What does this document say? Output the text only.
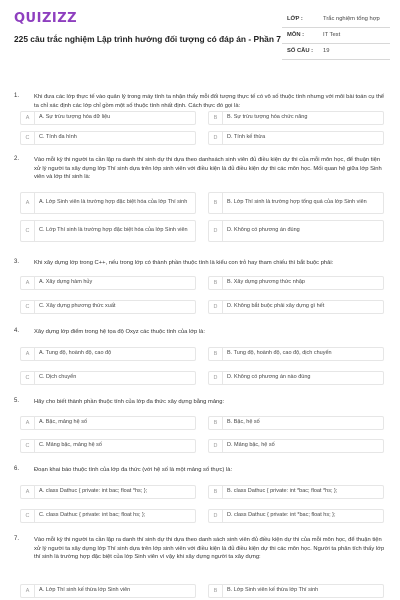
QUIZIZZ
225 câu trắc nghiệm Lập trình hướng đối tượng có đáp án - Phần 7
LỚP :	Trắc nghiệm tổng hợp
MÔN :	IT Test
SỐ CÂU : 19
1.	Khi đưa các lớp thực tế vào quản lý trong máy tính ta nhận thấy mỗi đối tượng thực tế có vô số thuộc tính nhưng với môi bài toán cụ thể ta chỉ xác định các lớp chỉ gồm một số thuộc tính nhất định. Cách thực đó gọi là:
A	A. Sự trừu tượng hóa dữ liệu	B	B. Sự trừu tượng hóa chức năng
C	C. Tính đa hình	D	D. Tính kế thừa
2.	Vào mỗi kỳ thi người ta cần lập ra danh thí sinh dự thi dựa theo danhsách sinh viên đủ điều kiện dự thi của mỗi môn học, để thuận tiện xử lý người ta xây dựng lớp Thí sinh dựa trên lớp sinh viên với điều kiện là đủ điều kiện dự thi các môn học. Mối quan hệ giữa lớp Sinh viên và lớp thí sinh là:
A	A. Lớp Sinh viên là trường hợp đặc biệt hóa của lớp Thí sinh	B	B. Lớp Thí sinh là trường hợp tổng quá của lớp Sinh viên
C	C. Lớp Thí sinh là trường hợp đặc biệt hóa của lớp Sinh viên	D	D. Không có phương án đúng
3.	Khi xây dựng lớp trong C++, nếu trong lớp có thành phần thuộc tính là kiểu con trỏ hay tham chiếu thì bắt buộc phải:
A	A. Xây dựng hàm hủy	B	B. Xây dựng phương thức nhập
C	C. Xây dựng phương thức xuất	D	D. Không bắt buộc phải xây dựng gì hết
4.	Xây dựng lớp điểm trong hệ tọa độ Oxyz các thuộc tính của lớp là:
A	A. Tung độ, hoành độ, cao độ	B	B. Tung độ, hoành độ, cao độ, dịch chuyển
C	C. Dịch chuyển	D	D. Không có phương án nào đúng
5.	Hãy cho biết thành phần thuộc tính của lớp đa thức xây dựng bằng mảng:
A	A. Bậc, mảng hệ số	B	B. Bậc, hệ số
C	C. Mảng bậc, mảng hệ số	D	D. Mảng bậc, hệ số
6.	Đoạn khai báo thuộc tính của lớp đa thức (với hệ số là một mảng số thực) là:
A	A. class Dathuc { private: int bac; float *hs; };	B	B. class Dathuc { private: int *bac; float *hs; };
C	C. class Dathuc { private: int bac; float hs; };	D	D. class Dathuc { private: int *bac; float hs; };
7.	Vào mỗi kỳ thi người ta cần lập ra danh thí sinh dự thi dựa theo danh sách sinh viên đủ điều kiện dự thi của mỗi môn học, để thuận tiện xử lý người ta xây dựng lớp Thí sinh dựa trên lớp sinh viên với điều kiện là đủ điều kiện dự thi các môn học. Người ta phân tích thấy lớp thí sinh là trường hợp đặc biệt của lớp Sinh viên vì vậy khi xây dựng người ta xây dựng:
A	A. Lớp Thí sinh kế thừa lớp Sinh viên	B	B. Lớp Sinh viên kế thừa lớp Thí sinh
